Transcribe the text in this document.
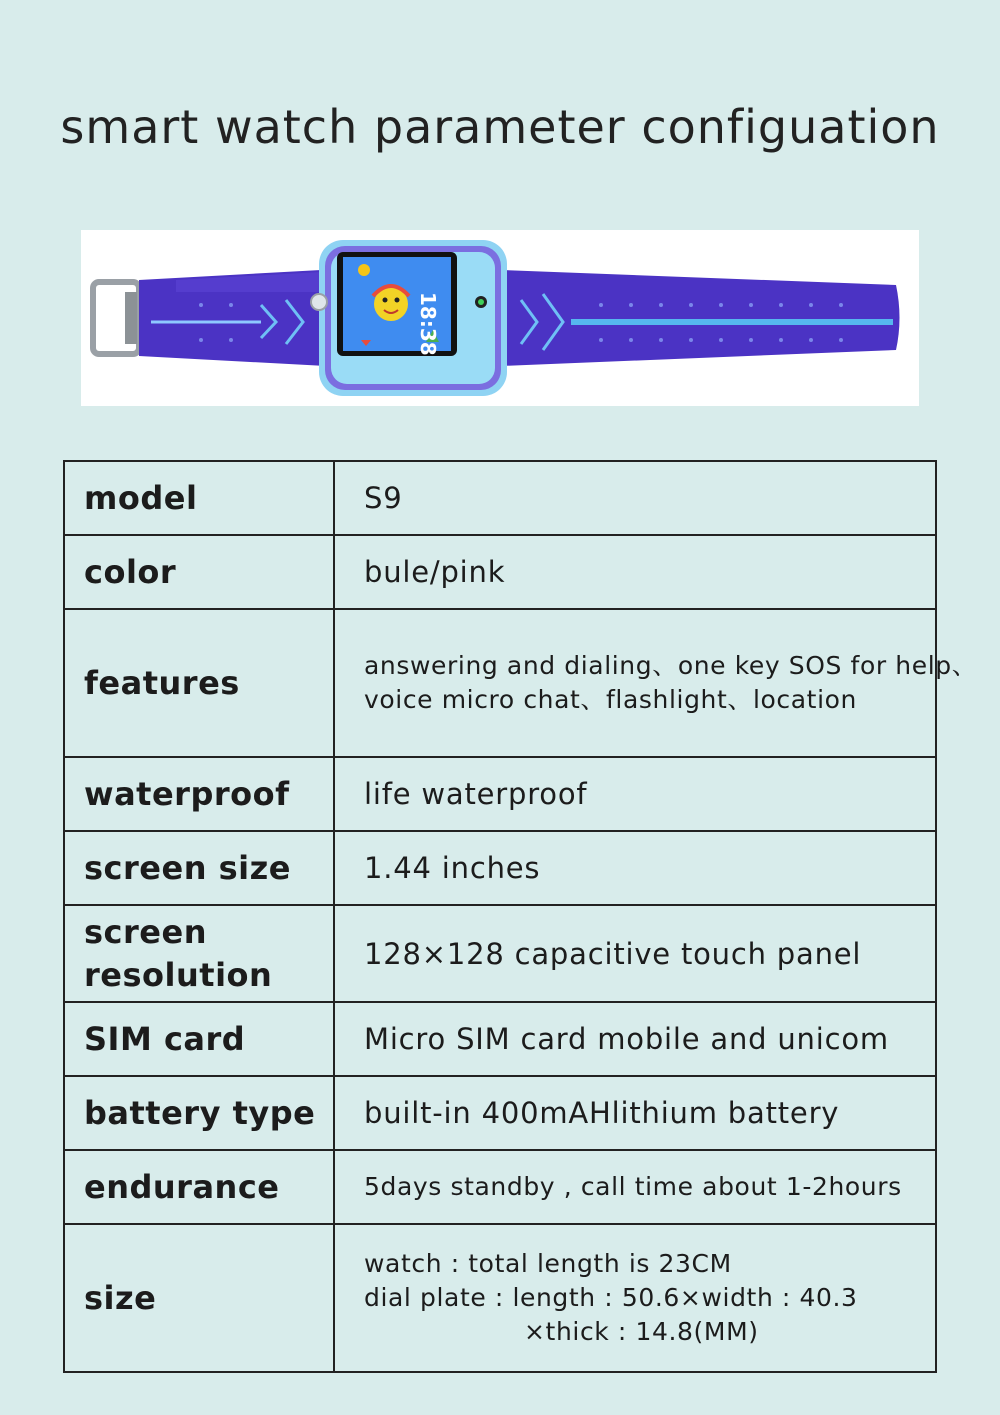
smart watch parameter configuation
18:38
model	S9

color	bule/pink

features	answering and dialing、one key SOS for help、
voice micro chat、flashlight、location

waterproof	life waterproof

screen size	1.44 inches

screen
resolution	128×128 capacitive touch panel

SIM card	Micro SIM card mobile and unicom

battery type	built-in 400mAHlithium battery

endurance	5days standby , call time about 1-2hours

size	watch : total length is 23CM
dial plate : length : 50.6×width : 40.3
×thick : 14.8(MM)
